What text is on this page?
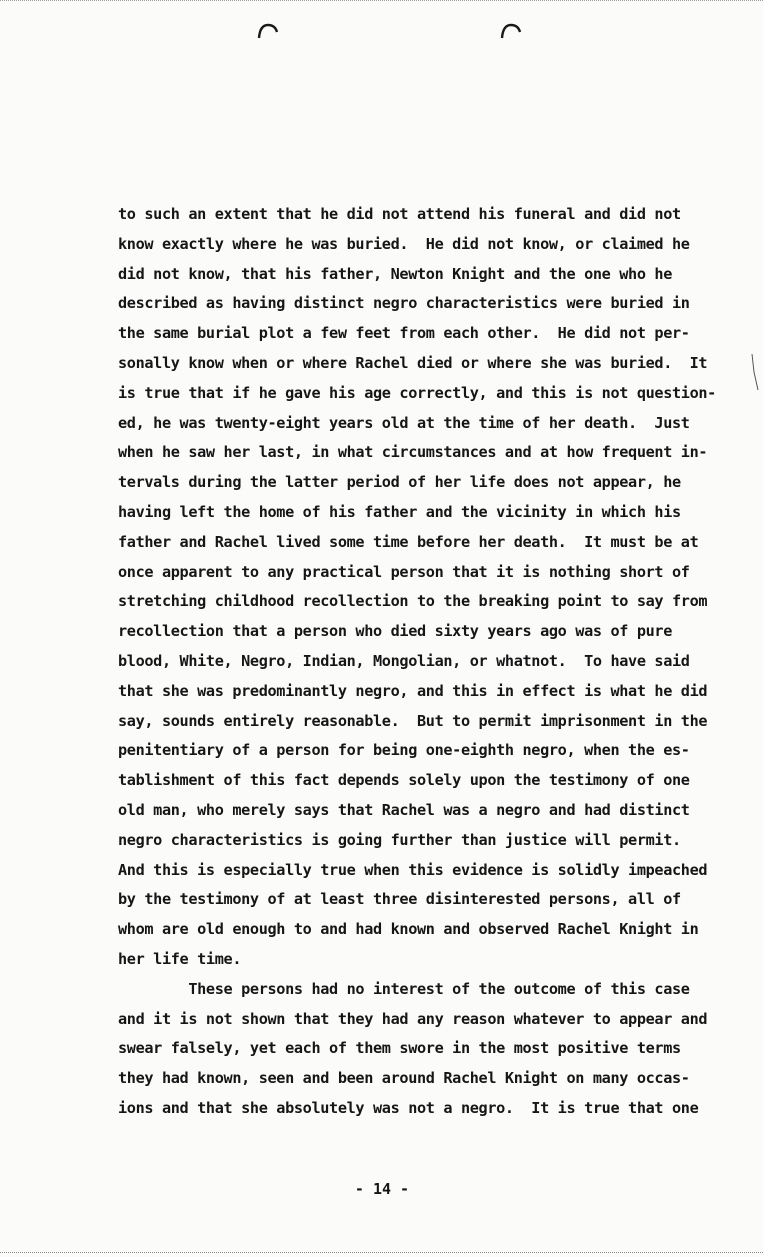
to such an extent that he did not attend his funeral and did not
know exactly where he was buried.  He did not know, or claimed he
did not know, that his father, Newton Knight and the one who he
described as having distinct negro characteristics were buried in
the same burial plot a few feet from each other.  He did not per-
sonally know when or where Rachel died or where she was buried.  It
is true that if he gave his age correctly, and this is not question-
ed, he was twenty-eight years old at the time of her death.  Just
when he saw her last, in what circumstances and at how frequent in-
tervals during the latter period of her life does not appear, he
having left the home of his father and the vicinity in which his
father and Rachel lived some time before her death.  It must be at
once apparent to any practical person that it is nothing short of
stretching childhood recollection to the breaking point to say from
recollection that a person who died sixty years ago was of pure
blood, White, Negro, Indian, Mongolian, or whatnot.  To have said
that she was predominantly negro, and this in effect is what he did
say, sounds entirely reasonable.  But to permit imprisonment in the
penitentiary of a person for being one-eighth negro, when the es-
tablishment of this fact depends solely upon the testimony of one
old man, who merely says that Rachel was a negro and had distinct
negro characteristics is going further than justice will permit.
And this is especially true when this evidence is solidly impeached
by the testimony of at least three disinterested persons, all of
whom are old enough to and had known and observed Rachel Knight in
her life time.
These persons had no interest of the outcome of this case
and it is not shown that they had any reason whatever to appear and
swear falsely, yet each of them swore in the most positive terms
they had known, seen and been around Rachel Knight on many occas-
ions and that she absolutely was not a negro.  It is true that one
- 14 -
